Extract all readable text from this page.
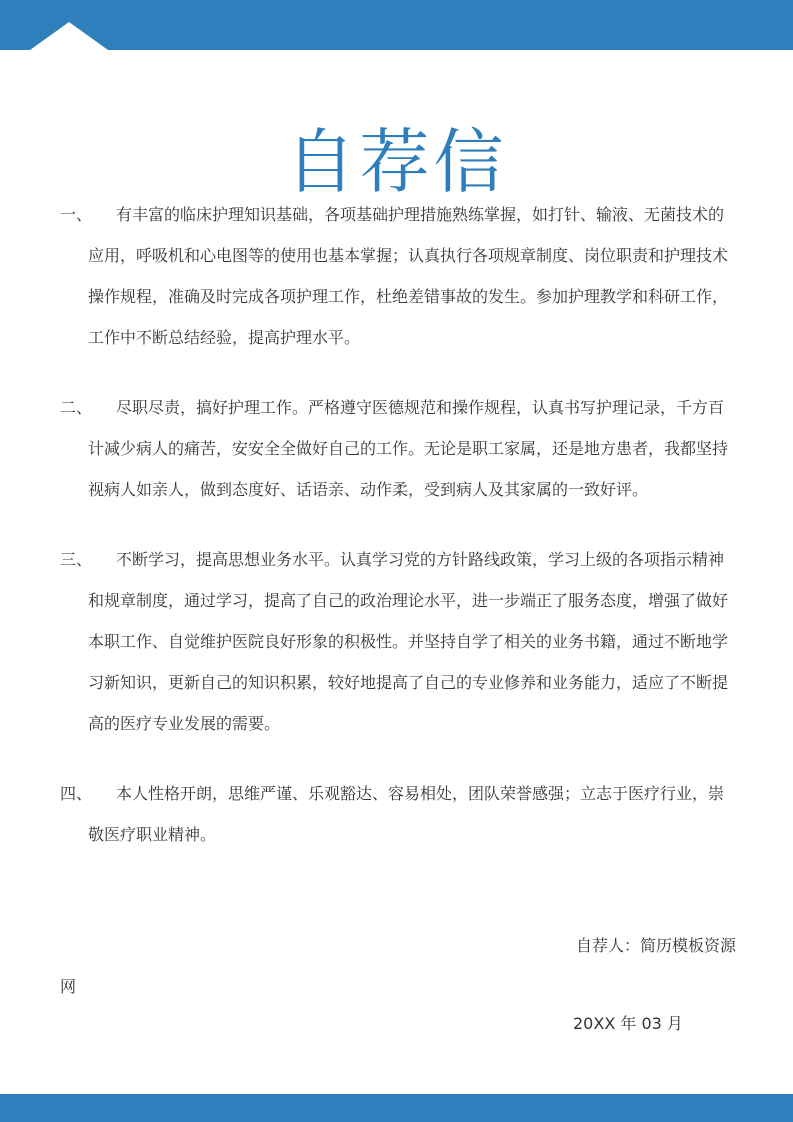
自荐信
一、	有丰富的临床护理知识基础，各项基础护理措施熟练掌握，如打针、输液、无菌技术的应用，呼吸机和心电图等的使用也基本掌握；认真执行各项规章制度、岗位职责和护理技术操作规程，准确及时完成各项护理工作，杜绝差错事故的发生。参加护理教学和科研工作，工作中不断总结经验，提高护理水平。
二、	尽职尽责，搞好护理工作。严格遵守医德规范和操作规程，认真书写护理记录，千方百计减少病人的痛苦，安安全全做好自己的工作。无论是职工家属，还是地方患者，我都坚持视病人如亲人，做到态度好、话语亲、动作柔，受到病人及其家属的一致好评。
三、	不断学习，提高思想业务水平。认真学习党的方针路线政策，学习上级的各项指示精神和规章制度，通过学习，提高了自己的政治理论水平，进一步端正了服务态度，增强了做好本职工作、自觉维护医院良好形象的积极性。并坚持自学了相关的业务书籍，通过不断地学习新知识，更新自己的知识积累，较好地提高了自己的专业修养和业务能力，适应了不断提高的医疗专业发展的需要。
四、	本人性格开朗，思维严谨、乐观豁达、容易相处，团队荣誉感强；立志于医疗行业，崇敬医疗职业精神。
自荐人：简历模板资源
网
20XX 年 03 月
